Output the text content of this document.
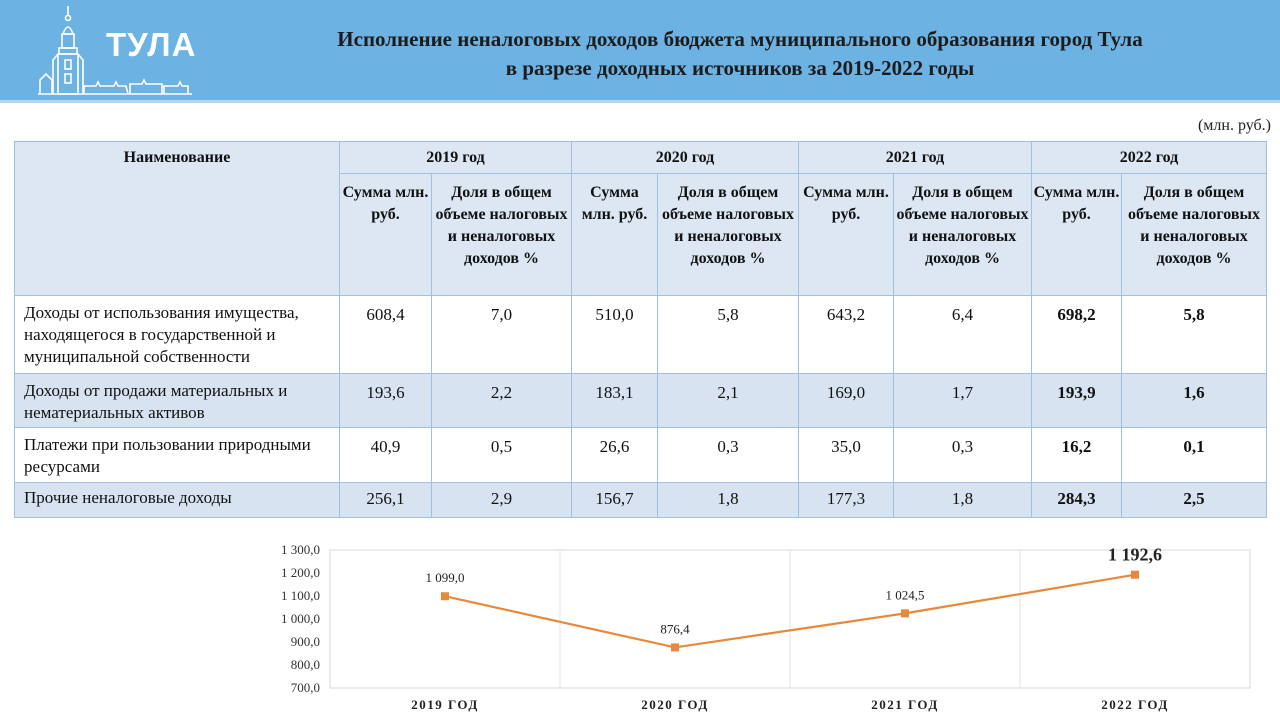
ТУЛА	Исполнение неналоговых доходов бюджета муниципального образования город Тула
в разрезе доходных источников за 2019-2022 годы
(млн. руб.)
Наименование	2019 год		2020 год		2021 год		2022 год	
	Сумма млн. руб.	Доля в общем объеме налоговых и неналоговых доходов %	Сумма млн. руб.	Доля в общем объеме налоговых и неналоговых доходов %	Сумма млн. руб.	Доля в общем объеме налоговых и неналоговых доходов %	Сумма млн. руб.	Доля в общем объеме налоговых и неналоговых доходов %
Доходы от использования имущества, находящегося в государственной и муниципальной собственности	608,4	7,0	510,0	5,8	643,2	6,4	698,2	5,8
Доходы от продажи материальных и нематериальных активов	193,6	2,2	183,1	2,1	169,0	1,7	193,9	1,6
Платежи при пользовании природными ресурсами	40,9	0,5	26,6	0,3	35,0	0,3	16,2	0,1
Прочие неналоговые доходы	256,1	2,9	156,7	1,8	177,3	1,8	284,3	2,5
700,0
800,0
900,0
1 000,0
1 100,0
1 200,0
1 300,0
2019 ГОД	2020 ГОД	2021 ГОД	2022 ГОД
1 099,0
876,4
1 024,5
1 192,6
